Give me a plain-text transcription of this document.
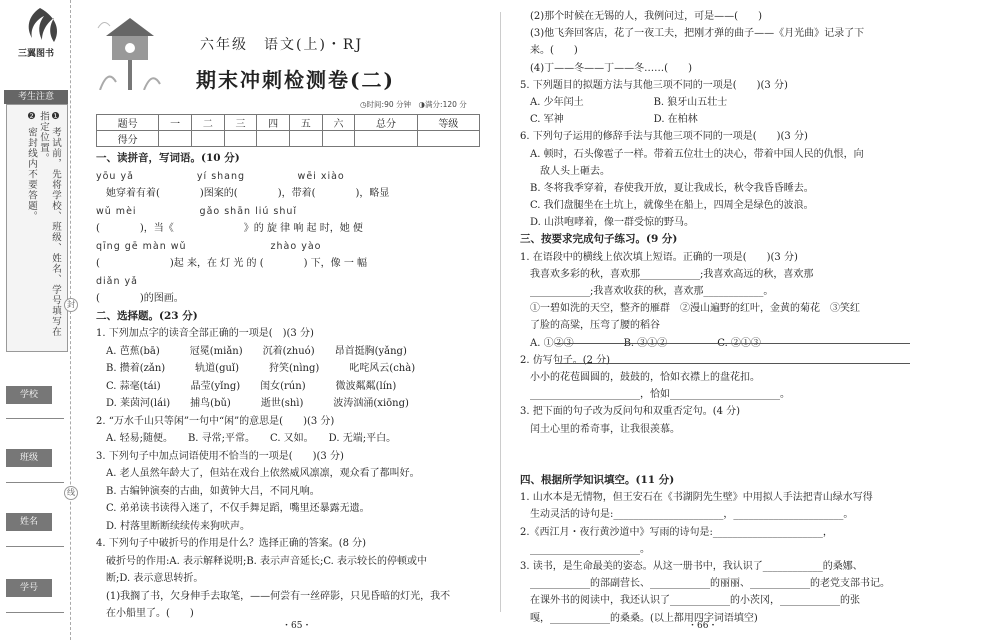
三翼图书
考生注意
❶ 考试前，先将学校、班级、姓名、学号填写在指定位置。
❷ 密封线内不要答题。
封
线
学校
班级
姓名
学号
六年级　语文(上)・RJ
期末冲刺检测卷(二)
◷时间:90 分钟　◑满分:120 分
题号	一	二	三	四	五	六	总分	等级
得分								
一、读拼音，写词语。(10 分)
yōu yǎ　　　　　　yí shang　　　　　wēi xiào
　她穿着有着(　　　　)图案的(　　　　)，带着(　　　　)，略显
wǔ mèi　　　　　　gǎo shān liú shuǐ
(　　　　)，当《　　　　　　　》的 旋 律 响 起 时，她 便
qīng gē màn wǔ　　　　　　　　zhào yào
(　　　　　　　)起 来，在 灯 光 的 (　　　　) 下，像 一 幅
diǎn yǎ
(　　　　)的图画。
二、选择题。(23 分)
1. 下列加点字的读音全部正确的一项是(　)(3 分)
　A. 芭蕉(bā)　　　冠冕(miǎn)　　沉着(zhuó)　　昂首挺胸(yǎng)
　B. 攒着(zǎn)　　　轨道(guǐ)　　　狩笑(nìng)　　　叱咤风云(chà)
　C. 蒜毫(tái)　　　晶莹(yǐng)　　闺女(rún)　　　微波粼粼(lín)
　D. 莱茵河(lái)　　捕鸟(bǔ)　　　逝世(shì)　　　波涛汹涌(xiōng)
2. “万水千山只等闲”一句中“闲”的意思是(　　)(3 分)
　A. 轻易;随便。　　B. 寻常;平常。　　C. 又如。　　D. 无端;平白。
3. 下列句子中加点词语使用不恰当的一项是(　　)(3 分)
　A. 老人虽然年龄大了，但站在戏台上依然威风凛凛，观众看了都叫好。
　B. 古编钟演奏的古曲，如黄钟大吕，不同凡响。
　C. 弟弟读书读得入迷了，不仅手舞足蹈，嘴里还暴露无遗。
　D. 村落里断断续续传来狗吠声。
4. 下列句子中破折号的作用是什么？选择正确的答案。(8 分)
　破折号的作用:A. 表示解释说明;B. 表示声音延长;C. 表示较长的停顿或中
　断;D. 表示意思转折。
　(1)我搁了书，欠身伸手去取笔，——何尝有一丝碎影，只见昏暗的灯光，我不
　在小船里了。(　　)
・65・
　(2)那个时候在无锡的人，我例问过，可是——(　　)
　(3)他飞奔回客店，花了一夜工夫，把刚才弹的曲子——《月光曲》记录了下
　来。(　　)
　(4)丁——冬——丁——冬……(　　)
5. 下列题目的拟题方法与其他三项不同的一项是(　　)(3 分)
　A. 少年闰土　　　　　　　B. 狼牙山五壮士
　C. 军神　　　　　　　　　D. 在柏林
6. 下列句子运用的修辞手法与其他三项不同的一项是(　　)(3 分)
　A. 顿时，石头像雹子一样。带着五位壮士的决心，带着中国人民的仇恨，向
　　敌人头上砸去。
　B. 冬将我季穿着，春使我开放，夏让我成长，秋令我昏昏睡去。
　C. 我们盘腿坐在土坑上，就像坐在船上，四周全是绿色的波浪。
　D. 山洪咆哮着，像一群受惊的野马。
三、按要求完成句子练习。(9 分)
1. 在语段中的横线上依次填上短语。正确的一项是(　　)(3 分)
　我喜欢多彩的秋，喜欢那____________;我喜欢高远的秋，喜欢那
　____________;我喜欢收获的秋，喜欢那____________。
　①一碧如洗的天空，整齐的雁群　②漫山遍野的红叶，金黄的菊花　③笑红
　了脸的高粱，压弯了腰的稻谷
　A. ①②③　　　　　B. ③①②　　　　　C. ②①③
2. 仿写句子。(2 分)
　小小的花苞圆圆的，鼓鼓的，恰如衣襟上的盘花扣。
　______________________，恰如______________________。
3. 把下面的句子改为反问句和双重否定句。(4 分)
　闰土心里的希奇事，让我很羡慕。
四、根据所学知识填空。(11 分)
1. 山水本是无情物，但王安石在《书湖阴先生壁》中用拟人手法把青山绿水写得
　生动灵活的诗句是:______________________，______________________。
2.《西江月・夜行黄沙道中》写雨的诗句是:______________________，
　______________________。
3. 读书，是生命最美的姿态。从这一册书中，我认识了____________的桑娜、
　____________的部副营长、____________的丽丽、____________的老党支部书记。
　在课外书的阅读中，我还认识了____________的小茨冈，____________的张
　嘎，____________的桑桑。(以上都用四字词语填空)
・66・
